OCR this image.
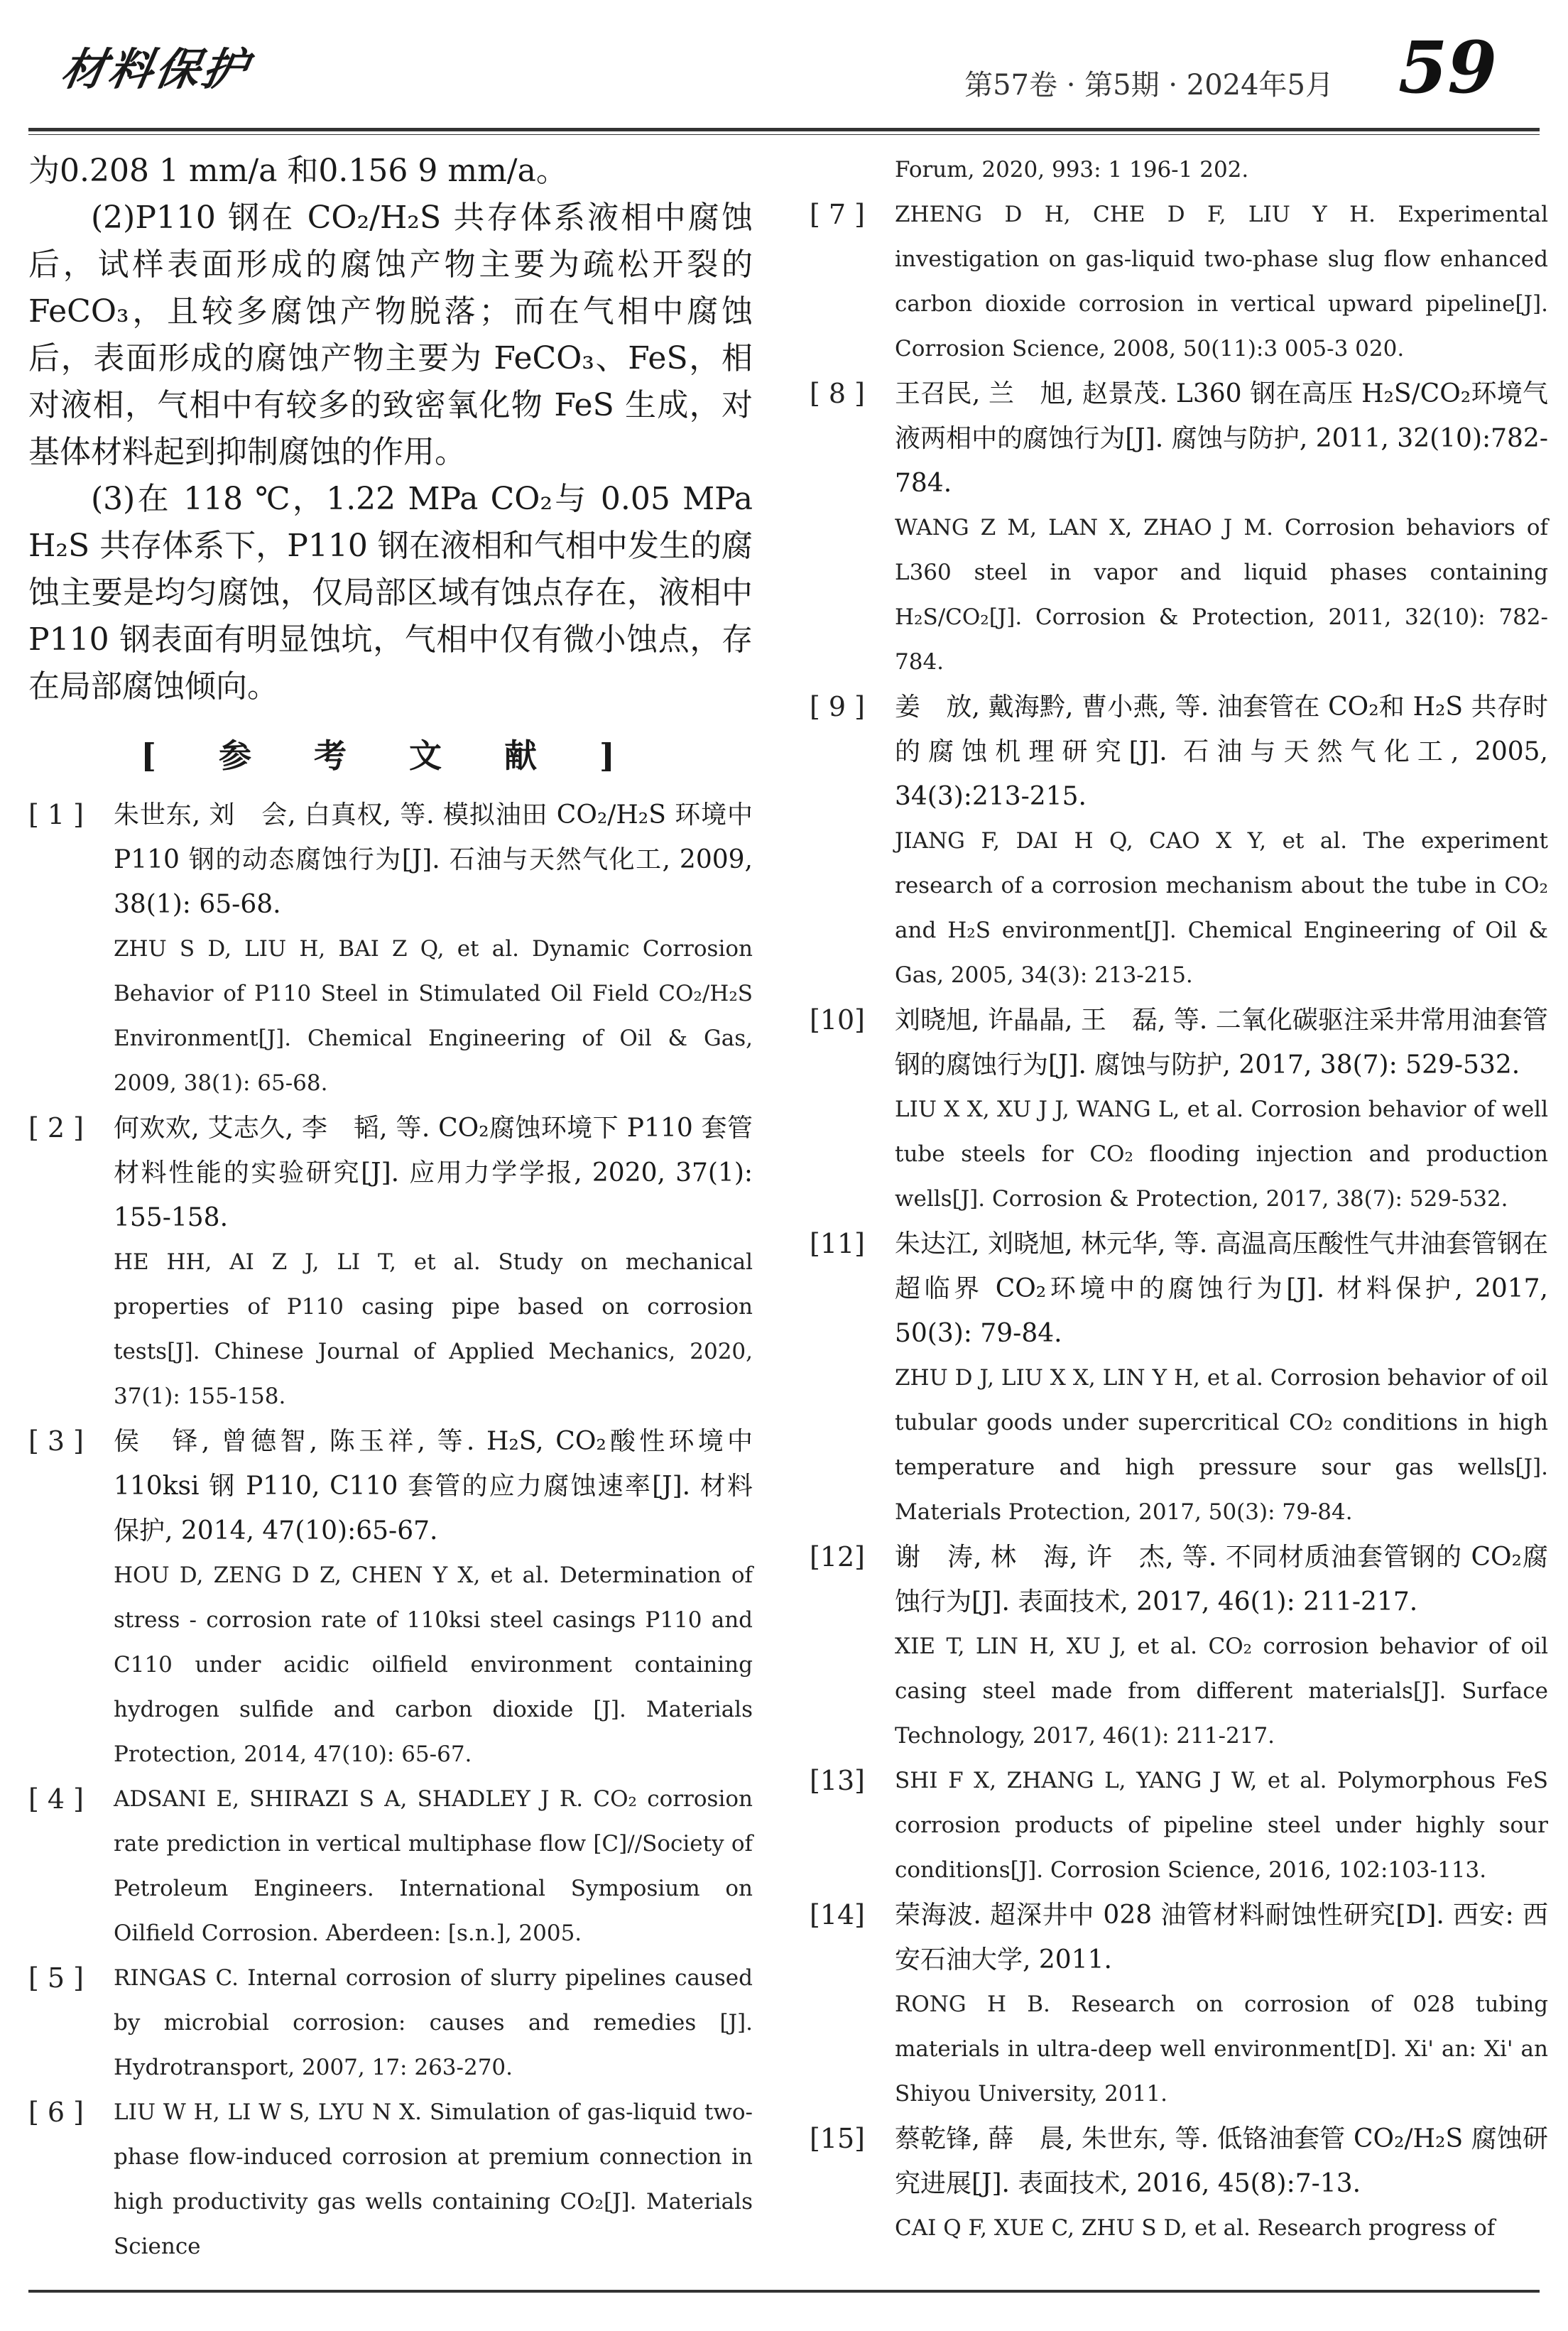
材料保护	第57卷 · 第5期 · 2024年5月 59

为0.208 1 mm/a 和0.156 9 mm/a。

(2)P110 钢在 CO₂/H₂S 共存体系液相中腐蚀后，试样表面形成的腐蚀产物主要为疏松开裂的 FeCO₃，且较多腐蚀产物脱落；而在气相中腐蚀后，表面形成的腐蚀产物主要为 FeCO₃、FeS，相对液相，气相中有较多的致密氧化物 FeS 生成，对基体材料起到抑制腐蚀的作用。

(3)在 118 ℃，1.22 MPa CO₂与 0.05 MPa H₂S 共存体系下，P110 钢在液相和气相中发生的腐蚀主要是均匀腐蚀，仅局部区域有蚀点存在，液相中 P110 钢表面有明显蚀坑，气相中仅有微小蚀点，存在局部腐蚀倾向。

[ 参 考 文 献 ]
[ 1 ] 朱世东, 刘　会, 白真权, 等. 模拟油田 CO₂/H₂S 环境中 P110 钢的动态腐蚀行为[J]. 石油与天然气化工, 2009, 38(1): 65-68.

ZHU S D, LIU H, BAI Z Q, et al. Dynamic Corrosion Behavior of P110 Steel in Stimulated Oil Field CO₂/H₂S Environment[J]. Chemical Engineering of Oil & Gas, 2009, 38(1): 65-68.

[ 2 ] 何欢欢, 艾志久, 李　韬, 等. CO₂腐蚀环境下 P110 套管材料性能的实验研究[J]. 应用力学学报, 2020, 37(1): 155-158.

HE HH, AI Z J, LI T, et al. Study on mechanical properties of P110 casing pipe based on corrosion tests[J]. Chinese Journal of Applied Mechanics, 2020, 37(1): 155-158.

[ 3 ] 侯　铎, 曾德智, 陈玉祥, 等. H₂S, CO₂酸性环境中 110ksi 钢 P110, C110 套管的应力腐蚀速率[J]. 材料保护, 2014, 47(10):65-67.

HOU D, ZENG D Z, CHEN Y X, et al. Determination of stress - corrosion rate of 110ksi steel casings P110 and C110 under acidic oilfield environment containing hydrogen sulfide and carbon dioxide [J]. Materials Protection, 2014, 47(10): 65-67.

[ 4 ] ADSANI E, SHIRAZI S A, SHADLEY J R. CO₂ corrosion rate prediction in vertical multiphase flow [C]//Society of Petroleum Engineers. International Symposium on Oilfield Corrosion. Aberdeen: [s.n.], 2005.

[ 5 ] RINGAS C. Internal corrosion of slurry pipelines caused by microbial corrosion: causes and remedies [J]. Hydrotransport, 2007, 17: 263-270.

[ 6 ] LIU W H, LI W S, LYU N X. Simulation of gas-liquid two-phase flow-induced corrosion at premium connection in high productivity gas wells containing CO₂[J]. Materials Science

Forum, 2020, 993: 1 196-1 202.

[ 7 ] ZHENG D H, CHE D F, LIU Y H. Experimental investigation on gas-liquid two-phase slug flow enhanced carbon dioxide corrosion in vertical upward pipeline[J]. Corrosion Science, 2008, 50(11):3 005-3 020.

[ 8 ] 王召民, 兰　旭, 赵景茂. L360 钢在高压 H₂S/CO₂环境气液两相中的腐蚀行为[J]. 腐蚀与防护, 2011, 32(10):782-784.

WANG Z M, LAN X, ZHAO J M. Corrosion behaviors of L360 steel in vapor and liquid phases containing H₂S/CO₂[J]. Corrosion & Protection, 2011, 32(10): 782-784.

[ 9 ] 姜　放, 戴海黔, 曹小燕, 等. 油套管在 CO₂和 H₂S 共存时的腐蚀机理研究[J]. 石油与天然气化工, 2005, 34(3):213-215.

JIANG F, DAI H Q, CAO X Y, et al. The experiment research of a corrosion mechanism about the tube in CO₂ and H₂S environment[J]. Chemical Engineering of Oil & Gas, 2005, 34(3): 213-215.

[10] 刘晓旭, 许晶晶, 王　磊, 等. 二氧化碳驱注采井常用油套管钢的腐蚀行为[J]. 腐蚀与防护, 2017, 38(7): 529-532.

LIU X X, XU J J, WANG L, et al. Corrosion behavior of well tube steels for CO₂ flooding injection and production wells[J]. Corrosion & Protection, 2017, 38(7): 529-532.

[11] 朱达江, 刘晓旭, 林元华, 等. 高温高压酸性气井油套管钢在超临界 CO₂环境中的腐蚀行为[J]. 材料保护, 2017, 50(3): 79-84.

ZHU D J, LIU X X, LIN Y H, et al. Corrosion behavior of oil tubular goods under supercritical CO₂ conditions in high temperature and high pressure sour gas wells[J]. Materials Protection, 2017, 50(3): 79-84.

[12] 谢　涛, 林　海, 许　杰, 等. 不同材质油套管钢的 CO₂腐蚀行为[J]. 表面技术, 2017, 46(1): 211-217.

XIE T, LIN H, XU J, et al. CO₂ corrosion behavior of oil casing steel made from different materials[J]. Surface Technology, 2017, 46(1): 211-217.

[13] SHI F X, ZHANG L, YANG J W, et al. Polymorphous FeS corrosion products of pipeline steel under highly sour conditions[J]. Corrosion Science, 2016, 102:103-113.

[14] 荣海波. 超深井中 028 油管材料耐蚀性研究[D]. 西安: 西安石油大学, 2011.

RONG H B. Research on corrosion of 028 tubing materials in ultra-deep well environment[D]. Xi' an: Xi' an Shiyou University, 2011.

[15] 蔡乾锋, 薛　晨, 朱世东, 等. 低铬油套管 CO₂/H₂S 腐蚀研究进展[J]. 表面技术, 2016, 45(8):7-13.

CAI Q F, XUE C, ZHU S D, et al. Research progress of
